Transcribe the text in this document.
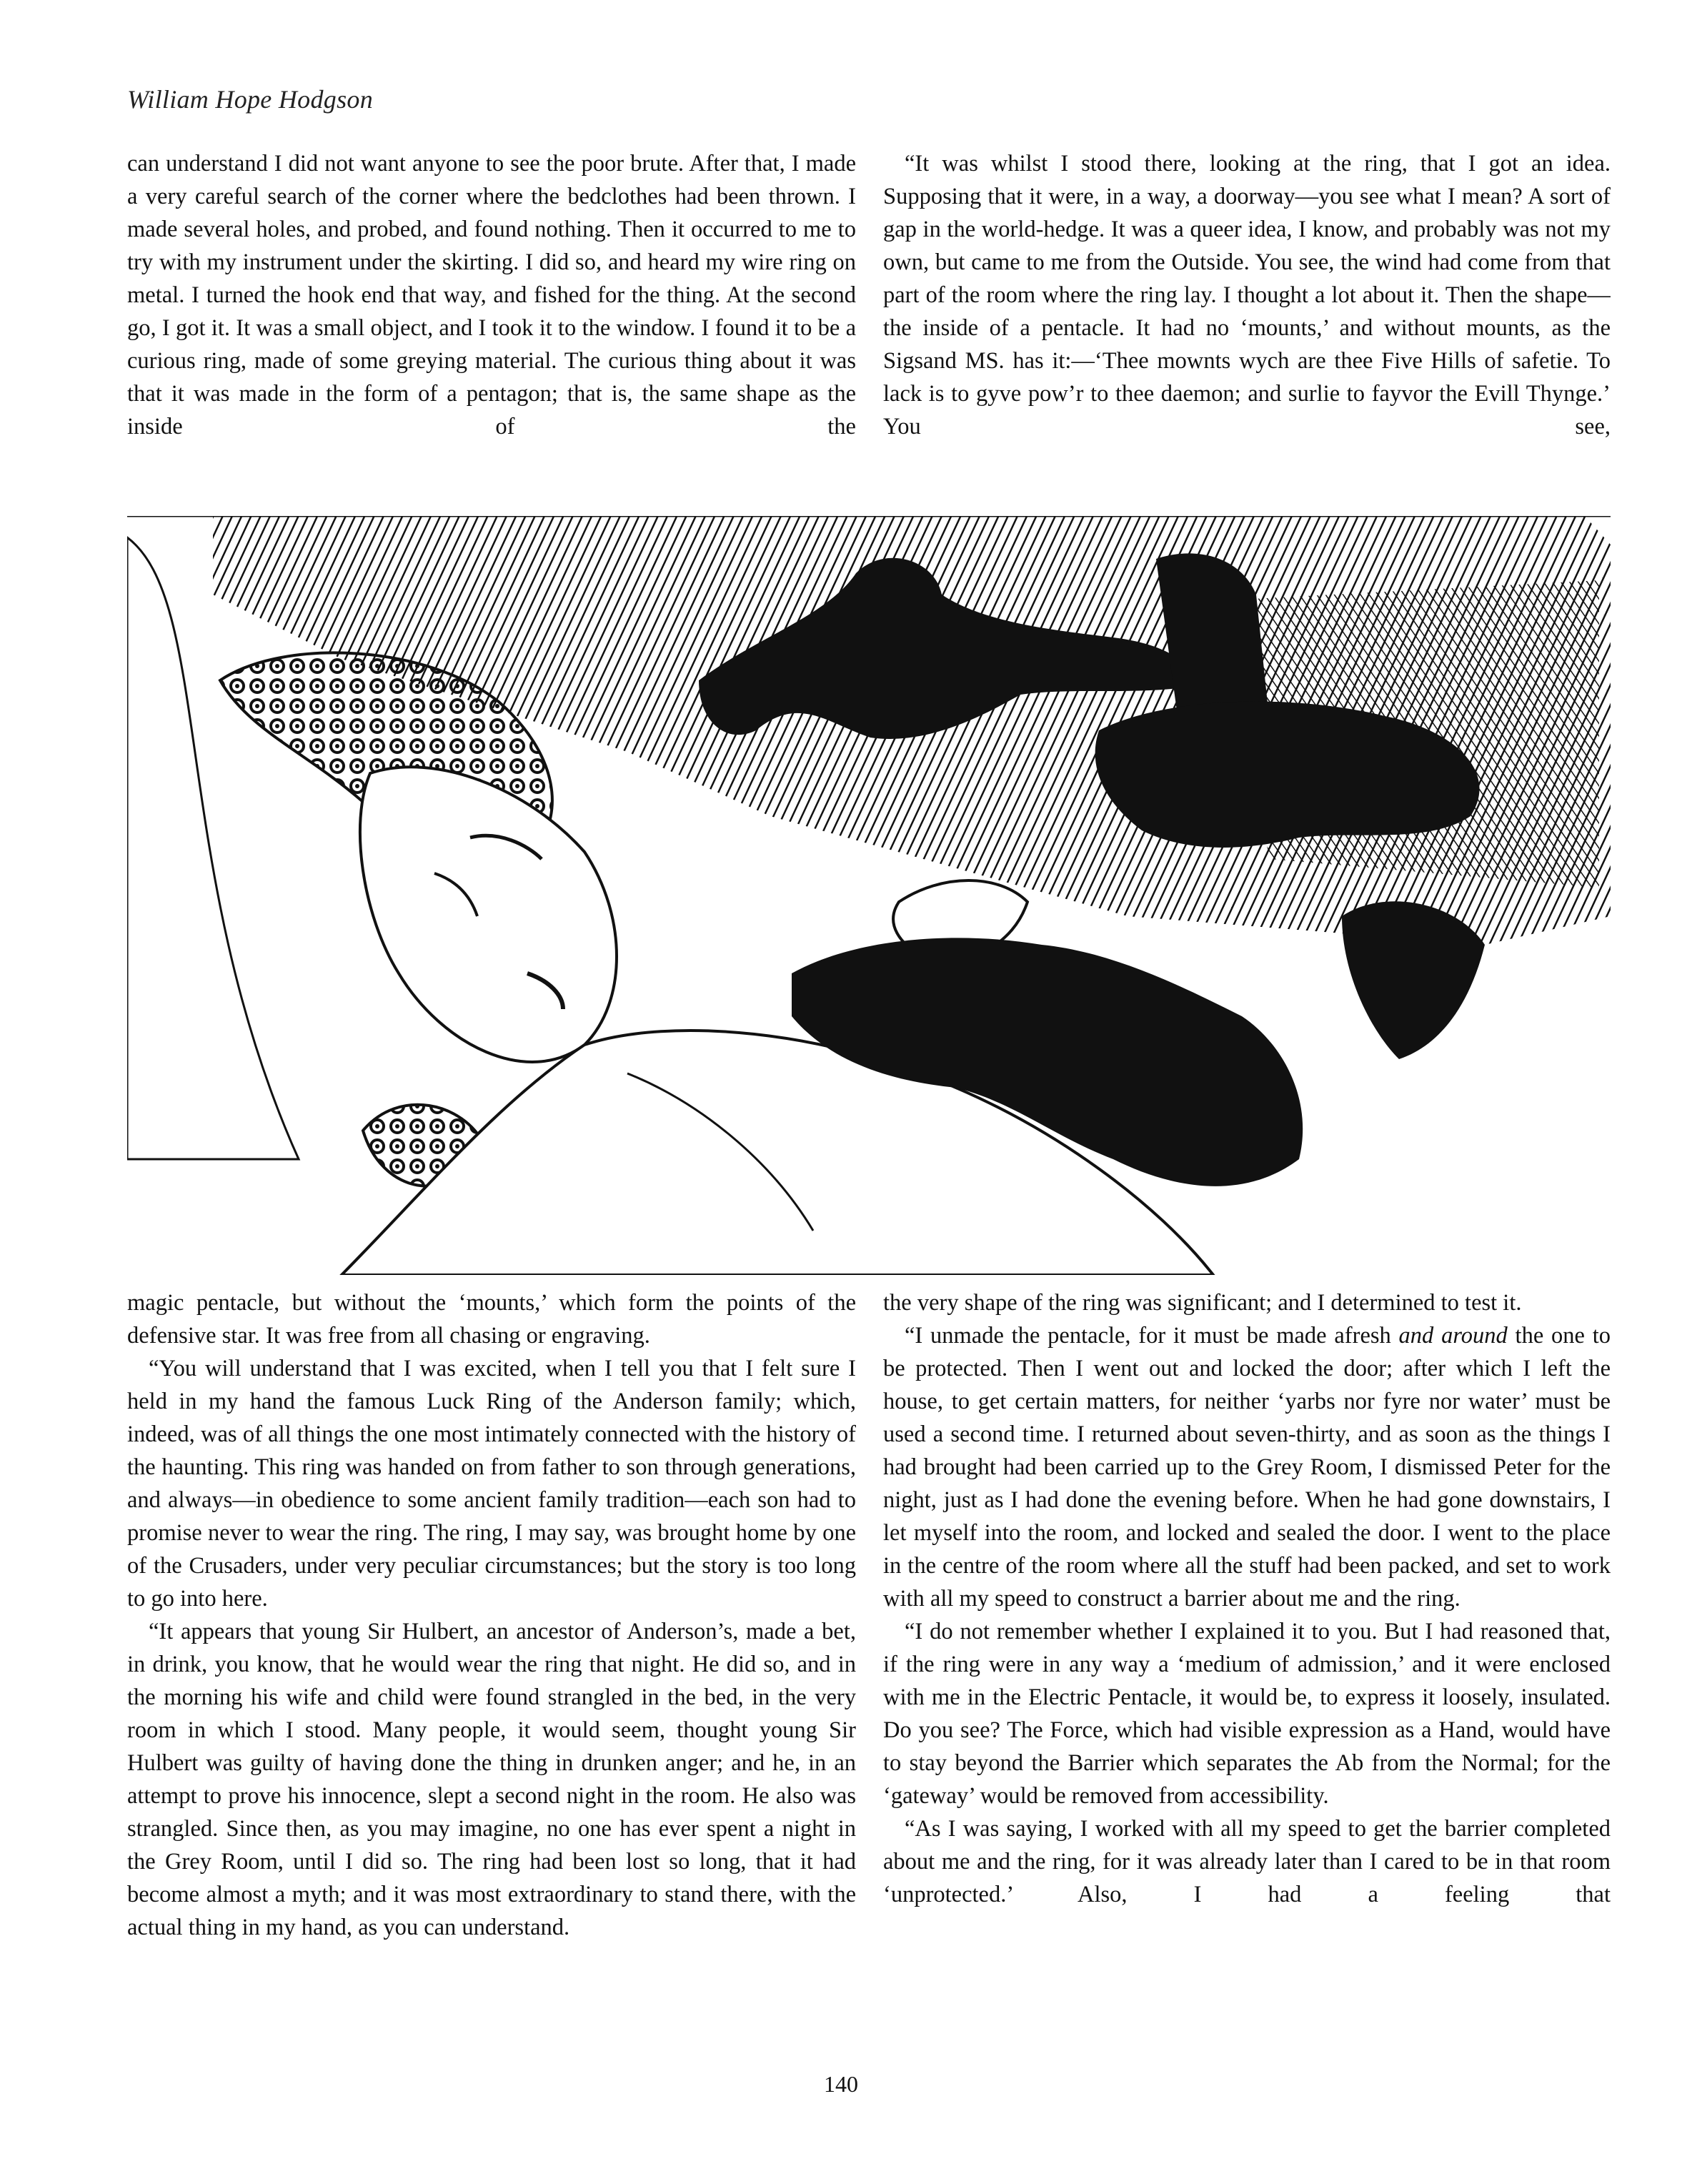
William Hope Hodgson

can understand I did not want anyone to see the poor brute. After that, I made a very careful search of the corner where the bedclothes had been thrown. I made several holes, and probed, and found nothing. Then it occurred to me to try with my instrument under the skirting. I did so, and heard my wire ring on metal. I turned the hook end that way, and fished for the thing. At the second go, I got it. It was a small object, and I took it to the window. I found it to be a curious ring, made of some greying material. The curious thing about it was that it was made in the form of a pentagon; that is, the same shape as the inside of the

“It was whilst I stood there, looking at the ring, that I got an idea. Supposing that it were, in a way, a doorway—you see what I mean? A sort of gap in the world-hedge. It was a queer idea, I know, and probably was not my own, but came to me from the Outside. You see, the wind had come from that part of the room where the ring lay. I thought a lot about it. Then the shape—the inside of a pentacle. It had no ‘mounts,’ and without mounts, as the Sigsand MS. has it:—‘Thee mownts wych are thee Five Hills of safetie. To lack is to gyve pow’r to thee daemon; and surlie to fayvor the Evill Thynge.’ You see,

magic pentacle, but without the ‘mounts,’ which form the points of the defensive star. It was free from all chasing or engraving.

“You will understand that I was excited, when I tell you that I felt sure I held in my hand the famous Luck Ring of the Anderson family; which, indeed, was of all things the one most intimately connected with the history of the haunting. This ring was handed on from father to son through generations, and always—in obedience to some ancient family tradition—each son had to promise never to wear the ring. The ring, I may say, was brought home by one of the Crusaders, under very peculiar circumstances; but the story is too long to go into here.

“It appears that young Sir Hulbert, an ancestor of Anderson’s, made a bet, in drink, you know, that he would wear the ring that night. He did so, and in the morning his wife and child were found strangled in the bed, in the very room in which I stood. Many people, it would seem, thought young Sir Hulbert was guilty of having done the thing in drunken anger; and he, in an attempt to prove his innocence, slept a second night in the room. He also was strangled. Since then, as you may imagine, no one has ever spent a night in the Grey Room, until I did so. The ring had been lost so long, that it had become almost a myth; and it was most extraordinary to stand there, with the actual thing in my hand, as you can understand.

the very shape of the ring was significant; and I determined to test it.

“I unmade the pentacle, for it must be made afresh and around the one to be protected. Then I went out and locked the door; after which I left the house, to get certain matters, for neither ‘yarbs nor fyre nor water’ must be used a second time. I returned about seven-thirty, and as soon as the things I had brought had been carried up to the Grey Room, I dismissed Peter for the night, just as I had done the evening before. When he had gone downstairs, I let myself into the room, and locked and sealed the door. I went to the place in the centre of the room where all the stuff had been packed, and set to work with all my speed to construct a barrier about me and the ring.

“I do not remember whether I explained it to you. But I had reasoned that, if the ring were in any way a ‘medium of admission,’ and it were enclosed with me in the Electric Pentacle, it would be, to express it loosely, insulated. Do you see? The Force, which had visible expression as a Hand, would have to stay beyond the Barrier which separates the Ab from the Normal; for the ‘gateway’ would be removed from accessibility.

“As I was saying, I worked with all my speed to get the barrier completed about me and the ring, for it was already later than I cared to be in that room ‘unprotected.’ Also, I had a feeling that

140
